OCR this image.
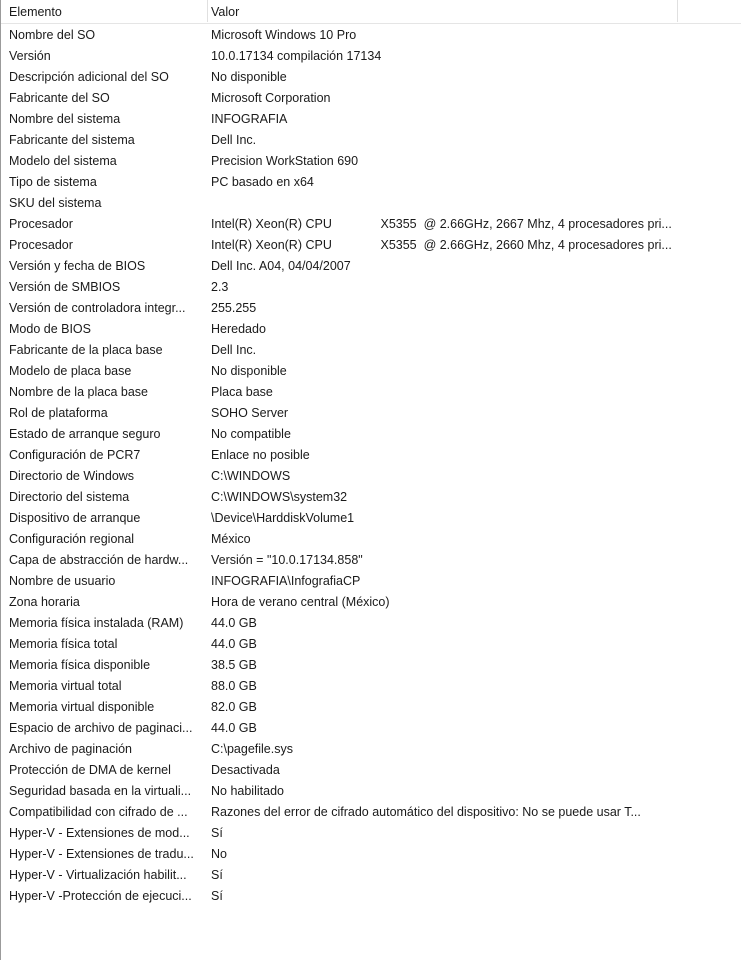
Elemento	Valor
Nombre del SO	Microsoft Windows 10 Pro
Versión	10.0.17134 compilación 17134
Descripción adicional del SO	No disponible
Fabricante del SO	Microsoft Corporation
Nombre del sistema	INFOGRAFIA
Fabricante del sistema	Dell Inc.
Modelo del sistema	Precision WorkStation 690
Tipo de sistema	PC basado en x64
SKU del sistema
Procesador	Intel(R) Xeon(R) CPU              X5355  @ 2.66GHz, 2667 Mhz, 4 procesadores pri...
Procesador	Intel(R) Xeon(R) CPU              X5355  @ 2.66GHz, 2660 Mhz, 4 procesadores pri...
Versión y fecha de BIOS	Dell Inc. A04, 04/04/2007
Versión de SMBIOS	2.3
Versión de controladora integr...	255.255
Modo de BIOS	Heredado
Fabricante de la placa base	Dell Inc.
Modelo de placa base	No disponible
Nombre de la placa base	Placa base
Rol de plataforma	SOHO Server
Estado de arranque seguro	No compatible
Configuración de PCR7	Enlace no posible
Directorio de Windows	C:\WINDOWS
Directorio del sistema	C:\WINDOWS\system32
Dispositivo de arranque	\Device\HarddiskVolume1
Configuración regional	México
Capa de abstracción de hardw...	Versión = "10.0.17134.858"
Nombre de usuario	INFOGRAFIA\InfografiaCP
Zona horaria	Hora de verano central (México)
Memoria física instalada (RAM)	44.0 GB
Memoria física total	44.0 GB
Memoria física disponible	38.5 GB
Memoria virtual total	88.0 GB
Memoria virtual disponible	82.0 GB
Espacio de archivo de paginaci...	44.0 GB
Archivo de paginación	C:\pagefile.sys
Protección de DMA de kernel	Desactivada
Seguridad basada en la virtuali...	No habilitado
Compatibilidad con cifrado de ...	Razones del error de cifrado automático del dispositivo: No se puede usar T...
Hyper-V - Extensiones de mod...	Sí
Hyper-V - Extensiones de tradu...	No
Hyper-V - Virtualización habilit...	Sí
Hyper-V -Protección de ejecuci...	Sí
